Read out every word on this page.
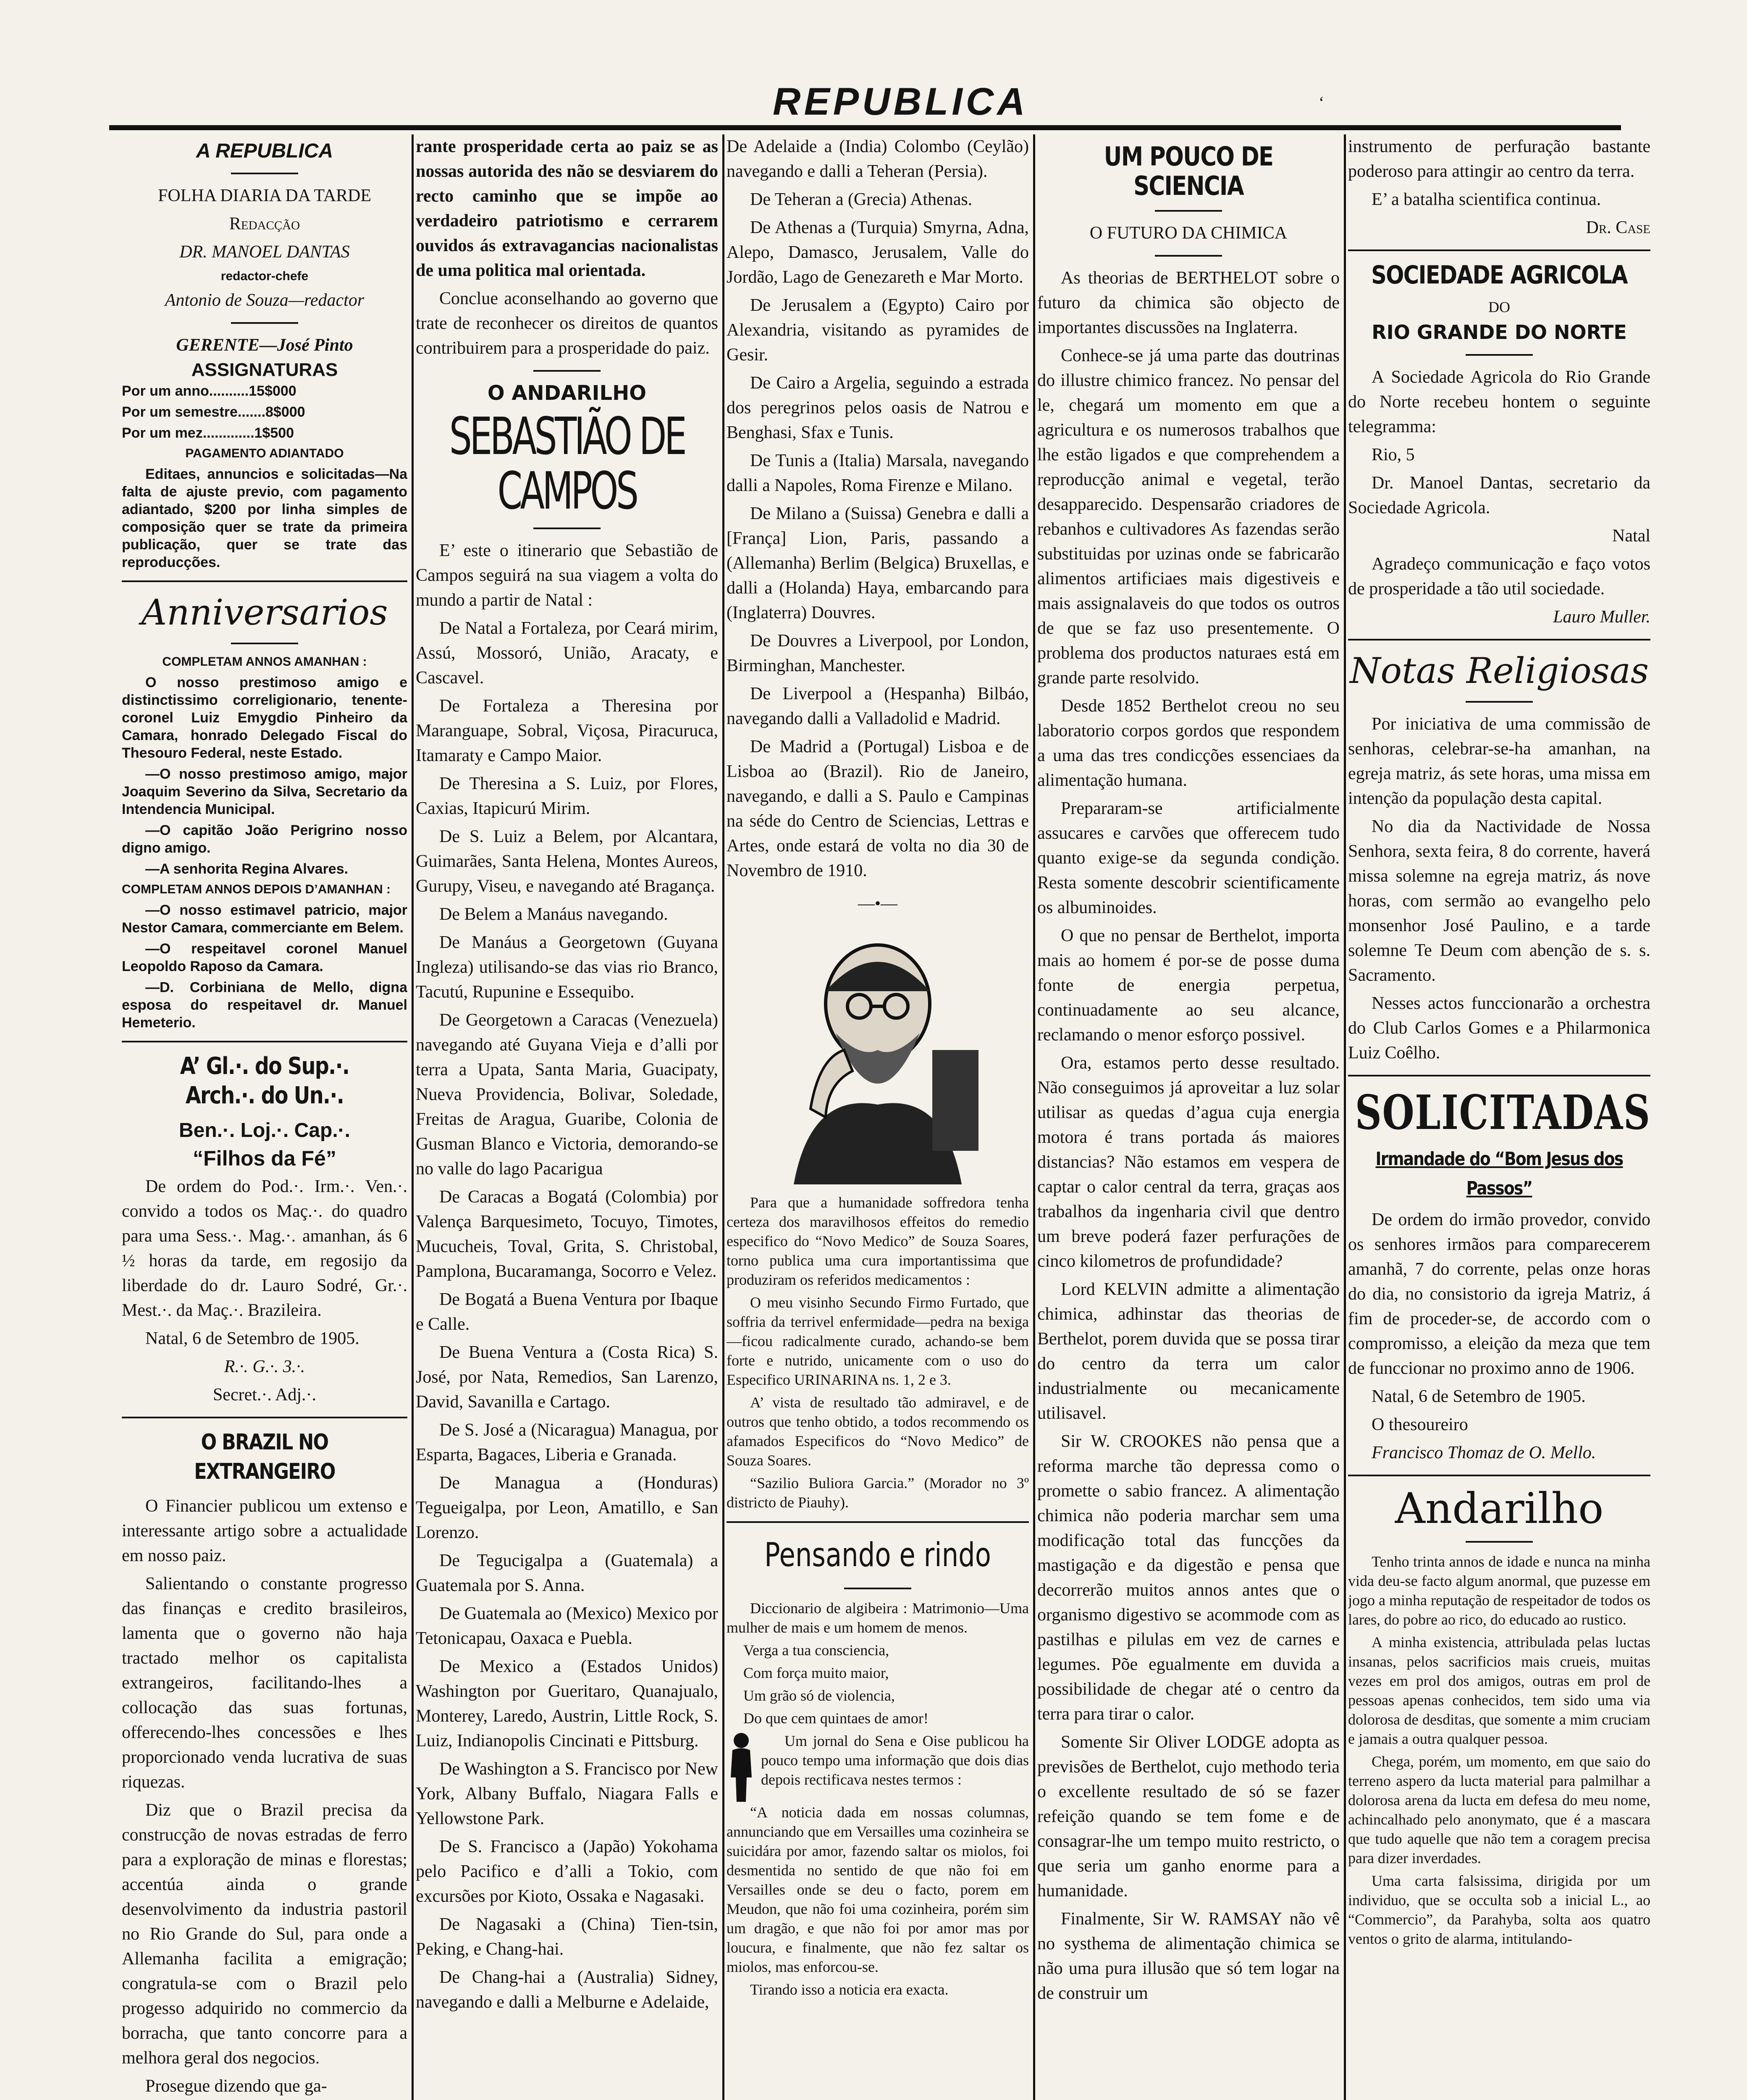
REPUBLICA	‘
A REPUBLICA

FOLHA DIARIA DA TARDE

Redacção

DR. MANOEL DANTAS

redactor-chefe

Antonio de Souza—redactor

GERENTE—José Pinto

ASSIGNATURAS

Por um anno..........15$000

Por um semestre.......8$000

Por um mez.............1$500

PAGAMENTO ADIANTADO

Editaes, annuncios e solicitadas—Na falta de ajuste previo, com pagamento adiantado, $200 por linha simples de composição quer se trate da primeira publicação, quer se trate das reproducções.

Anniversarios

COMPLETAM ANNOS AMANHAN :

O nosso prestimoso amigo e distinctissimo correligionario, tenente-coronel Luiz Emygdio Pinheiro da Camara, honrado Delegado Fiscal do Thesouro Federal, neste Estado.

—O nosso prestimoso amigo, major Joaquim Severino da Silva, Secretario da Intendencia Municipal.

—O capitão João Perigrino nosso digno amigo.

—A senhorita Regina Alvares.

COMPLETAM ANNOS DEPOIS D’AMANHAN :

—O nosso estimavel patricio, major Nestor Camara, commerciante em Belem.

—O respeitavel coronel Manuel Leopoldo Raposo da Camara.

—D. Corbiniana de Mello, digna esposa do respeitavel dr. Manuel Hemeterio.

A’ Gl.·. do Sup.·. Arch.·. do Un.·.

Ben.·. Loj.·. Cap.·.

“Filhos da Fé”

De ordem do Pod.·. Irm.·. Ven.·. convido a todos os Maç.·. do quadro para uma Sess.·. Mag.·. amanhan, ás 6 ½ horas da tarde, em regosijo da liberdade do dr. Lauro Sodré, Gr.·. Mest.·. da Maç.·. Brazileira.

Natal, 6 de Setembro de 1905.

R.·. G.·. 3.·.

Secret.·. Adj.·.

O BRAZIL NO EXTRANGEIRO

O Financier publicou um extenso e interessante artigo sobre a actualidade em nosso paiz.

Salientando o constante progresso das finanças e credito brasileiros, lamenta que o governo não haja tractado melhor os capitalista extrangeiros, facilitando-lhes a collocação das suas fortunas, offerecendo-lhes concessões e lhes proporcionado venda lucrativa de suas riquezas.

Diz que o Brazil precisa da construcção de novas estradas de ferro para a exploração de minas e florestas; accentúa ainda o grande desenvolvimento da industria pastoril no Rio Grande do Sul, para onde a Allemanha facilita a emigração; congratula-se com o Brazil pelo progesso adquirido no commercio da borracha, que tanto concorre para a melhora geral dos negocios.

Prosegue dizendo que ga-

rante prosperidade certa ao paiz se as nossas autorida des não se desviarem do recto caminho que se impõe ao verdadeiro patriotismo e cerrarem ouvidos ás extravagancias nacionalistas de uma politica mal orientada.

Conclue aconselhando ao governo que trate de reconhecer os direitos de quantos contribuirem para a prosperidade do paiz.

O ANDARILHO

SEBASTIÃO DE CAMPOS

E’ este o itinerario que Sebastião de Campos seguirá na sua viagem a volta do mundo a partir de Natal :

De Natal a Fortaleza, por Ceará mirim, Assú, Mossoró, União, Aracaty, e Cascavel.

De Fortaleza a Theresina por Maranguape, Sobral, Viçosa, Piracuruca, Itamaraty e Campo Maior.

De Theresina a S. Luiz, por Flores, Caxias, Itapicurú Mirim.

De S. Luiz a Belem, por Alcantara, Guimarães, Santa Helena, Montes Aureos, Gurupy, Viseu, e navegando até Bragança.

De Belem a Manáus navegando.

De Manáus a Georgetown (Guyana Ingleza) utilisando-se das vias rio Branco, Tacutú, Rupunine e Essequibo.

De Georgetown a Caracas (Venezuela) navegando até Guyana Vieja e d’alli por terra a Upata, Santa Maria, Guacipaty, Nueva Providencia, Bolivar, Soledade, Freitas de Aragua, Guaribe, Colonia de Gusman Blanco e Victoria, demorando-se no valle do lago Pacarigua

De Caracas a Bogatá (Colombia) por Valença Barquesimeto, Tocuyo, Timotes, Mucucheis, Toval, Grita, S. Christobal, Pamplona, Bucaramanga, Socorro e Velez.

De Bogatá a Buena Ventura por Ibaque e Calle.

De Buena Ventura a (Costa Rica) S. José, por Nata, Remedios, San Larenzo, David, Savanilla e Cartago.

De S. José a (Nicaragua) Managua, por Esparta, Bagaces, Liberia e Granada.

De Managua a (Honduras) Tegueigalpa, por Leon, Amatillo, e San Lorenzo.

De Tegucigalpa a (Guatemala) a Guatemala por S. Anna.

De Guatemala ao (Mexico) Mexico por Tetonicapau, Oaxaca e Puebla.

De Mexico a (Estados Unidos) Washington por Gueritaro, Quanajualo, Monterey, Laredo, Austrin, Little Rock, S. Luiz, Indianopolis Cincinati e Pittsburg.

De Washington a S. Francisco por New York, Albany Buffalo, Niagara Falls e Yellowstone Park.

De S. Francisco a (Japão) Yokohama pelo Pacifico e d’alli a Tokio, com excursões por Kioto, Ossaka e Nagasaki.

De Nagasaki a (China) Tien-tsin, Peking, e Chang-hai.

De Chang-hai a (Australia) Sidney, navegando e dalli a Melburne e Adelaide,

De Adelaide a (India) Colombo (Ceylão) navegando e dalli a Teheran (Persia).

De Teheran a (Grecia) Athenas.

De Athenas a (Turquia) Smyrna, Adna, Alepo, Damasco, Jerusalem, Valle do Jordão, Lago de Genezareth e Mar Morto.

De Jerusalem a (Egypto) Cairo por Alexandria, visitando as pyramides de Gesir.

De Cairo a Argelia, seguindo a estrada dos peregrinos pelos oasis de Natrou e Benghasi, Sfax e Tunis.

De Tunis a (Italia) Marsala, navegando dalli a Napoles, Roma Firenze e Milano.

De Milano a (Suissa) Genebra e dalli a [França] Lion, Paris, passando a (Allemanha) Berlim (Belgica) Bruxellas, e dalli a (Holanda) Haya, embarcando para (Inglaterra) Douvres.

De Douvres a Liverpool, por London, Birminghan, Manchester.

De Liverpool a (Hespanha) Bilbáo, navegando dalli a Valladolid e Madrid.

De Madrid a (Portugal) Lisboa e de Lisboa ao (Brazil). Rio de Janeiro, navegando, e dalli a S. Paulo e Campinas na séde do Centro de Sciencias, Lettras e Artes, onde estará de volta no dia 30 de Novembro de 1910.

—•—

Para que a humanidade soffredora tenha certeza dos maravilhosos effeitos do remedio especifico do “Novo Medico” de Souza Soares, torno publica uma cura importantissima que produziram os referidos medicamentos :

O meu visinho Secundo Firmo Furtado, que soffria da terrivel enfermidade—pedra na bexiga—ficou radicalmente curado, achando-se bem forte e nutrido, unicamente com o uso do Especifico URINARINA ns. 1, 2 e 3.

A’ vista de resultado tão admiravel, e de outros que tenho obtido, a todos recommendo os afamados Especificos do “Novo Medico” de Souza Soares.

“Sazilio Buliora Garcia.” (Morador no 3º districto de Piauhy).

Pensando e rindo

Diccionario de algibeira : Matrimonio—Uma mulher de mais e um homem de menos.

Verga a tua consciencia,

Com força muito maior,

Um grão só de violencia,

Do que cem quintaes de amor!

Um jornal do Sena e Oise publicou ha pouco tempo uma informação que dois dias depois rectificava nestes termos :

“A noticia dada em nossas columnas, annunciando que em Versailles uma cozinheira se suicidára por amor, fazendo saltar os miolos, foi desmentida no sentido de que não foi em Versailles onde se deu o facto, porem em Meudon, que não foi uma cozinheira, porém sim um dragão, e que não foi por amor mas por loucura, e finalmente, que não fez saltar os miolos, mas enforcou-se.

Tirando isso a noticia era exacta.

UM POUCO DE SCIENCIA

O FUTURO DA CHIMICA

As theorias de BERTHELOT sobre o futuro da chimica são objecto de importantes discussões na Inglaterra.

Conhece-se já uma parte das doutrinas do illustre chimico francez. No pensar del le, chegará um momento em que a agricultura e os numerosos trabalhos que lhe estão ligados e que comprehendem a reproducção animal e vegetal, terão desapparecido. Despensarão criadores de rebanhos e cultivadores As fazendas serão substituidas por uzinas onde se fabricarão alimentos artificiaes mais digestiveis e mais assignalaveis do que todos os outros de que se faz uso presentemente. O problema dos productos naturaes está em grande parte resolvido.

Desde 1852 Berthelot creou no seu laboratorio corpos gordos que respondem a uma das tres condicções essenciaes da alimentação humana.

Prepararam-se artificialmente assucares e carvões que offerecem tudo quanto exige-se da segunda condição. Resta somente descobrir scientificamente os albuminoides.

O que no pensar de Berthelot, importa mais ao homem é por-se de posse duma fonte de energia perpetua, continuadamente ao seu alcance, reclamando o menor esforço possivel.

Ora, estamos perto desse resultado. Não conseguimos já aproveitar a luz solar utilisar as quedas d’agua cuja energia motora é trans portada ás maiores distancias? Não estamos em vespera de captar o calor central da terra, graças aos trabalhos da ingenharia civil que dentro um breve poderá fazer perfurações de cinco kilometros de profundidade?

Lord KELVIN admitte a alimentação chimica, adhinstar das theorias de Berthelot, porem duvida que se possa tirar do centro da terra um calor industrialmente ou mecanicamente utilisavel.

Sir W. CROOKES não pensa que a reforma marche tão depressa como o promette o sabio francez. A alimentação chimica não poderia marchar sem uma modificação total das funcções da mastigação e da digestão e pensa que decorrerão muitos annos antes que o organismo digestivo se acommode com as pastilhas e pilulas em vez de carnes e legumes. Põe egualmente em duvida a possibilidade de chegar até o centro da terra para tirar o calor.

Somente Sir Oliver LODGE adopta as previsões de Berthelot, cujo methodo teria o excellente resultado de só se fazer refeição quando se tem fome e de consagrar-lhe um tempo muito restricto, o que seria um ganho enorme para a humanidade.

Finalmente, Sir W. RAMSAY não vê no systhema de alimentação chimica se não uma pura illusão que só tem logar na de construir um

instrumento de perfuração bastante poderoso para attingir ao centro da terra.

E’ a batalha scientifica continua.

Dr. Case

SOCIEDADE AGRICOLA

DO

RIO GRANDE DO NORTE

A Sociedade Agricola do Rio Grande do Norte recebeu hontem o seguinte telegramma:

Rio, 5

Dr. Manoel Dantas, secretario da Sociedade Agricola.

Natal

Agradeço communicação e faço votos de prosperidade a tão util sociedade.

Lauro Muller.

Notas Religiosas

Por iniciativa de uma commissão de senhoras, celebrar-se-ha amanhan, na egreja matriz, ás sete horas, uma missa em intenção da população desta capital.

No dia da Nactividade de Nossa Senhora, sexta feira, 8 do corrente, haverá missa solemne na egreja matriz, ás nove horas, com sermão ao evangelho pelo monsenhor José Paulino, e a tarde solemne Te Deum com abenção de s. s. Sacramento.

Nesses actos funccionarão a orchestra do Club Carlos Gomes e a Philarmonica Luiz Coêlho.

SOLICITADAS
Irmandade do “Bom Jesus dos Passos”

De ordem do irmão provedor, convido os senhores irmãos para comparecerem amanhã, 7 do corrente, pelas onze horas do dia, no consistorio da igreja Matriz, á fim de proceder-se, de accordo com o compromisso, a eleição da meza que tem de funccionar no proximo anno de 1906.

Natal, 6 de Setembro de 1905.

O thesoureiro

Francisco Thomaz de O. Mello.

Andarilho

Tenho trinta annos de idade e nunca na minha vida deu-se facto algum anormal, que puzesse em jogo a minha reputação de respeitador de todos os lares, do pobre ao rico, do educado ao rustico.

A minha existencia, attribulada pelas luctas insanas, pelos sacrificios mais crueis, muitas vezes em prol dos amigos, outras em prol de pessoas apenas conhecidos, tem sido uma via dolorosa de desditas, que somente a mim cruciam e jamais a outra qualquer pessoa.

Chega, porém, um momento, em que saio do terreno aspero da lucta material para palmilhar a dolorosa arena da lucta em defesa do meu nome, achincalhado pelo anonymato, que é a mascara que tudo aquelle que não tem a coragem precisa para dizer inverdades.

Uma carta falsissima, dirigida por um individuo, que se occulta sob a inicial L., ao “Commercio”, da Parahyba, solta aos quatro ventos o grito de alarma, intitulando-
